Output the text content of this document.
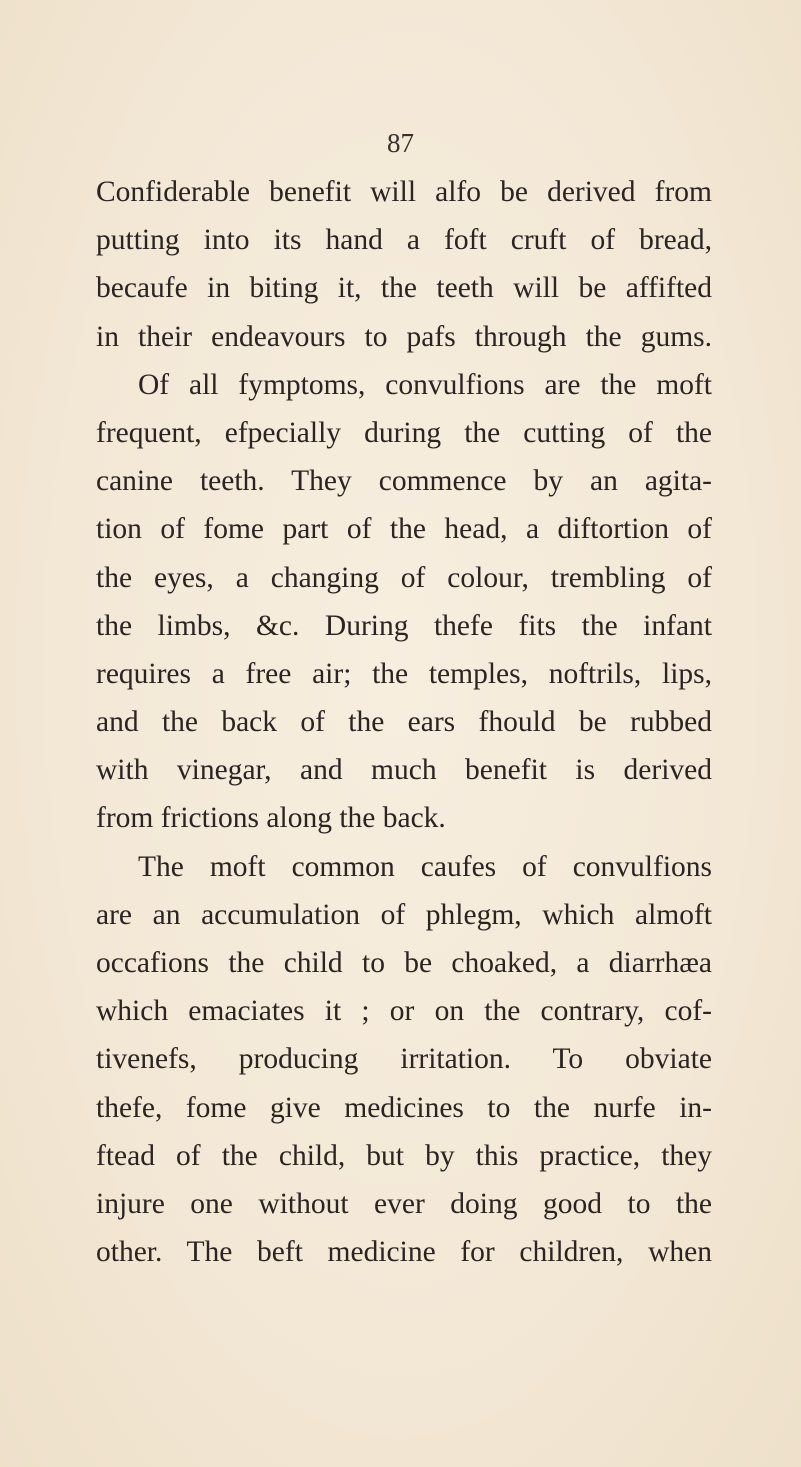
87
Confiderable benefit will alfo be derived from
putting into its hand a foft cruft of bread,
becaufe in biting it, the teeth will be affifted
in their endeavours to pafs through the gums.
Of all fymptoms, convulfions are the moft
frequent, efpecially during the cutting of the
canine teeth. They commence by an agita-
tion of fome part of the head, a diftortion of
the eyes, a changing of colour, trembling of
the limbs, &c. During thefe fits the infant
requires a free air; the temples, noftrils, lips,
and the back of the ears fhould be rubbed
with vinegar, and much benefit is derived
from frictions along the back.
The moft common caufes of convulfions
are an accumulation of phlegm, which almoft
occafions the child to be choaked, a diarrhæa
which emaciates it ; or on the contrary, cof-
tivenefs, producing irritation. To obviate
thefe, fome give medicines to the nurfe in-
ftead of the child, but by this practice, they
injure one without ever doing good to the
other. The beft medicine for children, when
